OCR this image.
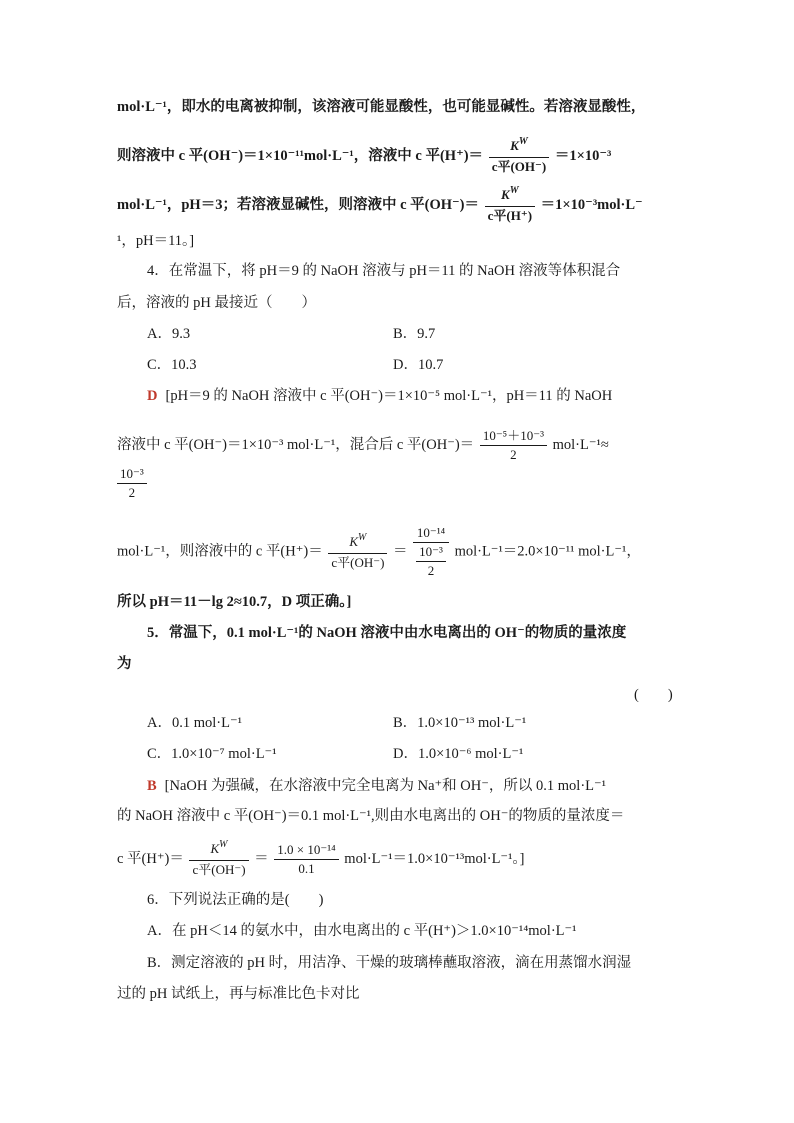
mol·L⁻¹，即水的电离被抑制，该溶液可能显酸性，也可能显碱性。若溶液显酸性，
则溶液中 c 平(OH⁻)＝1×10⁻¹¹mol·L⁻¹，溶液中 c 平$(H^+)= \frac{K^W}{\text{c平(OH⁻)}} =1\times 10^{-3}$
mol·L⁻¹，pH＝3；若溶液显碱性，则溶液中 c 平$(OH^-)= \frac{K^W}{\text{c平(H⁺)}} =1\times 10^{-3}mol\cdot L^-$
¹，pH＝11。]
4．在常温下，将 pH＝9 的 NaOH 溶液与 pH＝11 的 NaOH 溶液等体积混合
后，溶液的 pH 最接近（　　）
A．9.3	B．9.7
C．10.3	D．10.7
D [pH＝9 的 NaOH 溶液中 c 平(OH⁻)＝1×10⁻⁵ mol·L⁻¹，pH＝11 的 NaOH
溶液中 c 平(OH⁻)＝1×10⁻³ mol·L⁻¹，混合后 c 平$(OH^-)= \frac{\text{10⁻⁵＋10⁻³}}{2} mol\cdot L^{-1}\approx$
$\frac{\text{10⁻³}}{2}$
mol·L⁻¹，则溶液中的 c 平$(H^+)= \frac{K^W}{\text{c平(OH⁻)}} = \frac{\text{10⁻¹⁴}}{\frac{\text{10⁻³}}{2}} mol\cdot L^{-1}=2.0\times 10^{-11}$ mol·L⁻¹，
所以 pH＝11－lg 2≈10.7，D 项正确。]
5．常温下，0.1 mol·L⁻¹的 NaOH 溶液中由水电离出的 OH⁻的物质的量浓度
为
(　　)
A．0.1 mol·L⁻¹	B．1.0×10⁻¹³ mol·L⁻¹
C．1.0×10⁻⁷ mol·L⁻¹	D．1.0×10⁻⁶ mol·L⁻¹
B [NaOH 为强碱，在水溶液中完全电离为 Na⁺和 OH⁻，所以 0.1 mol·L⁻¹
的 NaOH 溶液中 c 平(OH⁻)＝0.1 mol·L⁻¹,则由水电离出的 OH⁻的物质的量浓度＝
c 平$(H^+)= \frac{K^W}{\text{c平(OH⁻)}} = \frac{\text{1.0 × 10⁻¹⁴}}{0.1} mol\cdot L^{-1}=1.0\times 10^{-13}mol\cdot L^{-1}$。]
6．下列说法正确的是(　　)
A．在 pH＜14 的氨水中，由水电离出的 c 平(H⁺)＞1.0×10⁻¹⁴mol·L⁻¹
B．测定溶液的 pH 时，用洁净、干燥的玻璃棒蘸取溶液，滴在用蒸馏水润湿
过的 pH 试纸上，再与标准比色卡对比
